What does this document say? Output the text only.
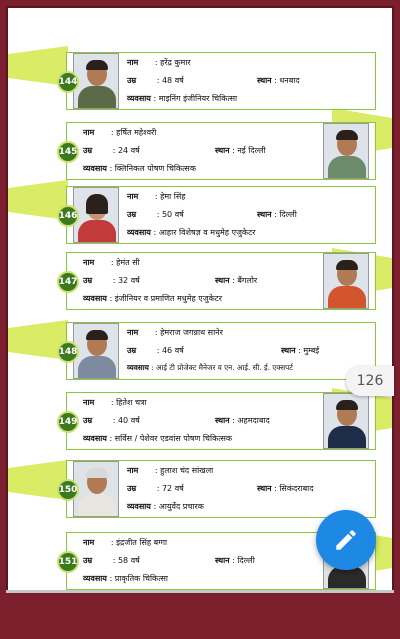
144
नाम : हरेंद्र कुमार
उम्र	: 48 वर्ष	स्थान : धनबाद
व्यवसाय : माइनिंग इंजीनियर चिकित्सा
145
नाम : हर्षित महेश्वरी
उम्र	: 24 वर्ष	स्थान : नई दिल्ली
व्यवसाय : क्लिनिकल पोषण चिकित्सक
146
नाम : हेमा सिंह
उम्र	: 50 वर्ष	स्थान : दिल्ली
व्यवसाय : आहार विशेषज्ञ व मधुमेह एजुकेटर
147
नाम : हेमंत सी
उम्र	: 32 वर्ष	स्थान : बैंगलोर
व्यवसाय : इंजीनियर व प्रमाणित मधुमेह एजुकेटर
148
नाम : हेमराज जगन्नाथ सानेर
उम्र	: 46 वर्ष	स्थान : मुम्बई
व्यवसाय : आई टी प्रोजेक्ट मैनेजर व एन. आई. सी. ई. एक्सपर्ट
149
नाम : हितेश चत्रा
उम्र	: 40 वर्ष	स्थान : अहमदाबाद
व्यवसाय : सर्विस / पेशेवर एडवांस पोषण चिकित्सक
150
नाम : हुलाश चंद सांखला
उम्र	: 72 वर्ष	स्थान : सिकंदराबाद
व्यवसाय : आयुर्वेद प्रचारक
151
नाम : इंद्रजीत सिंह बग्गा
उम्र	: 58 वर्ष	स्थान : दिल्ली
व्यवसाय : प्राकृतिक चिकित्सा
126
